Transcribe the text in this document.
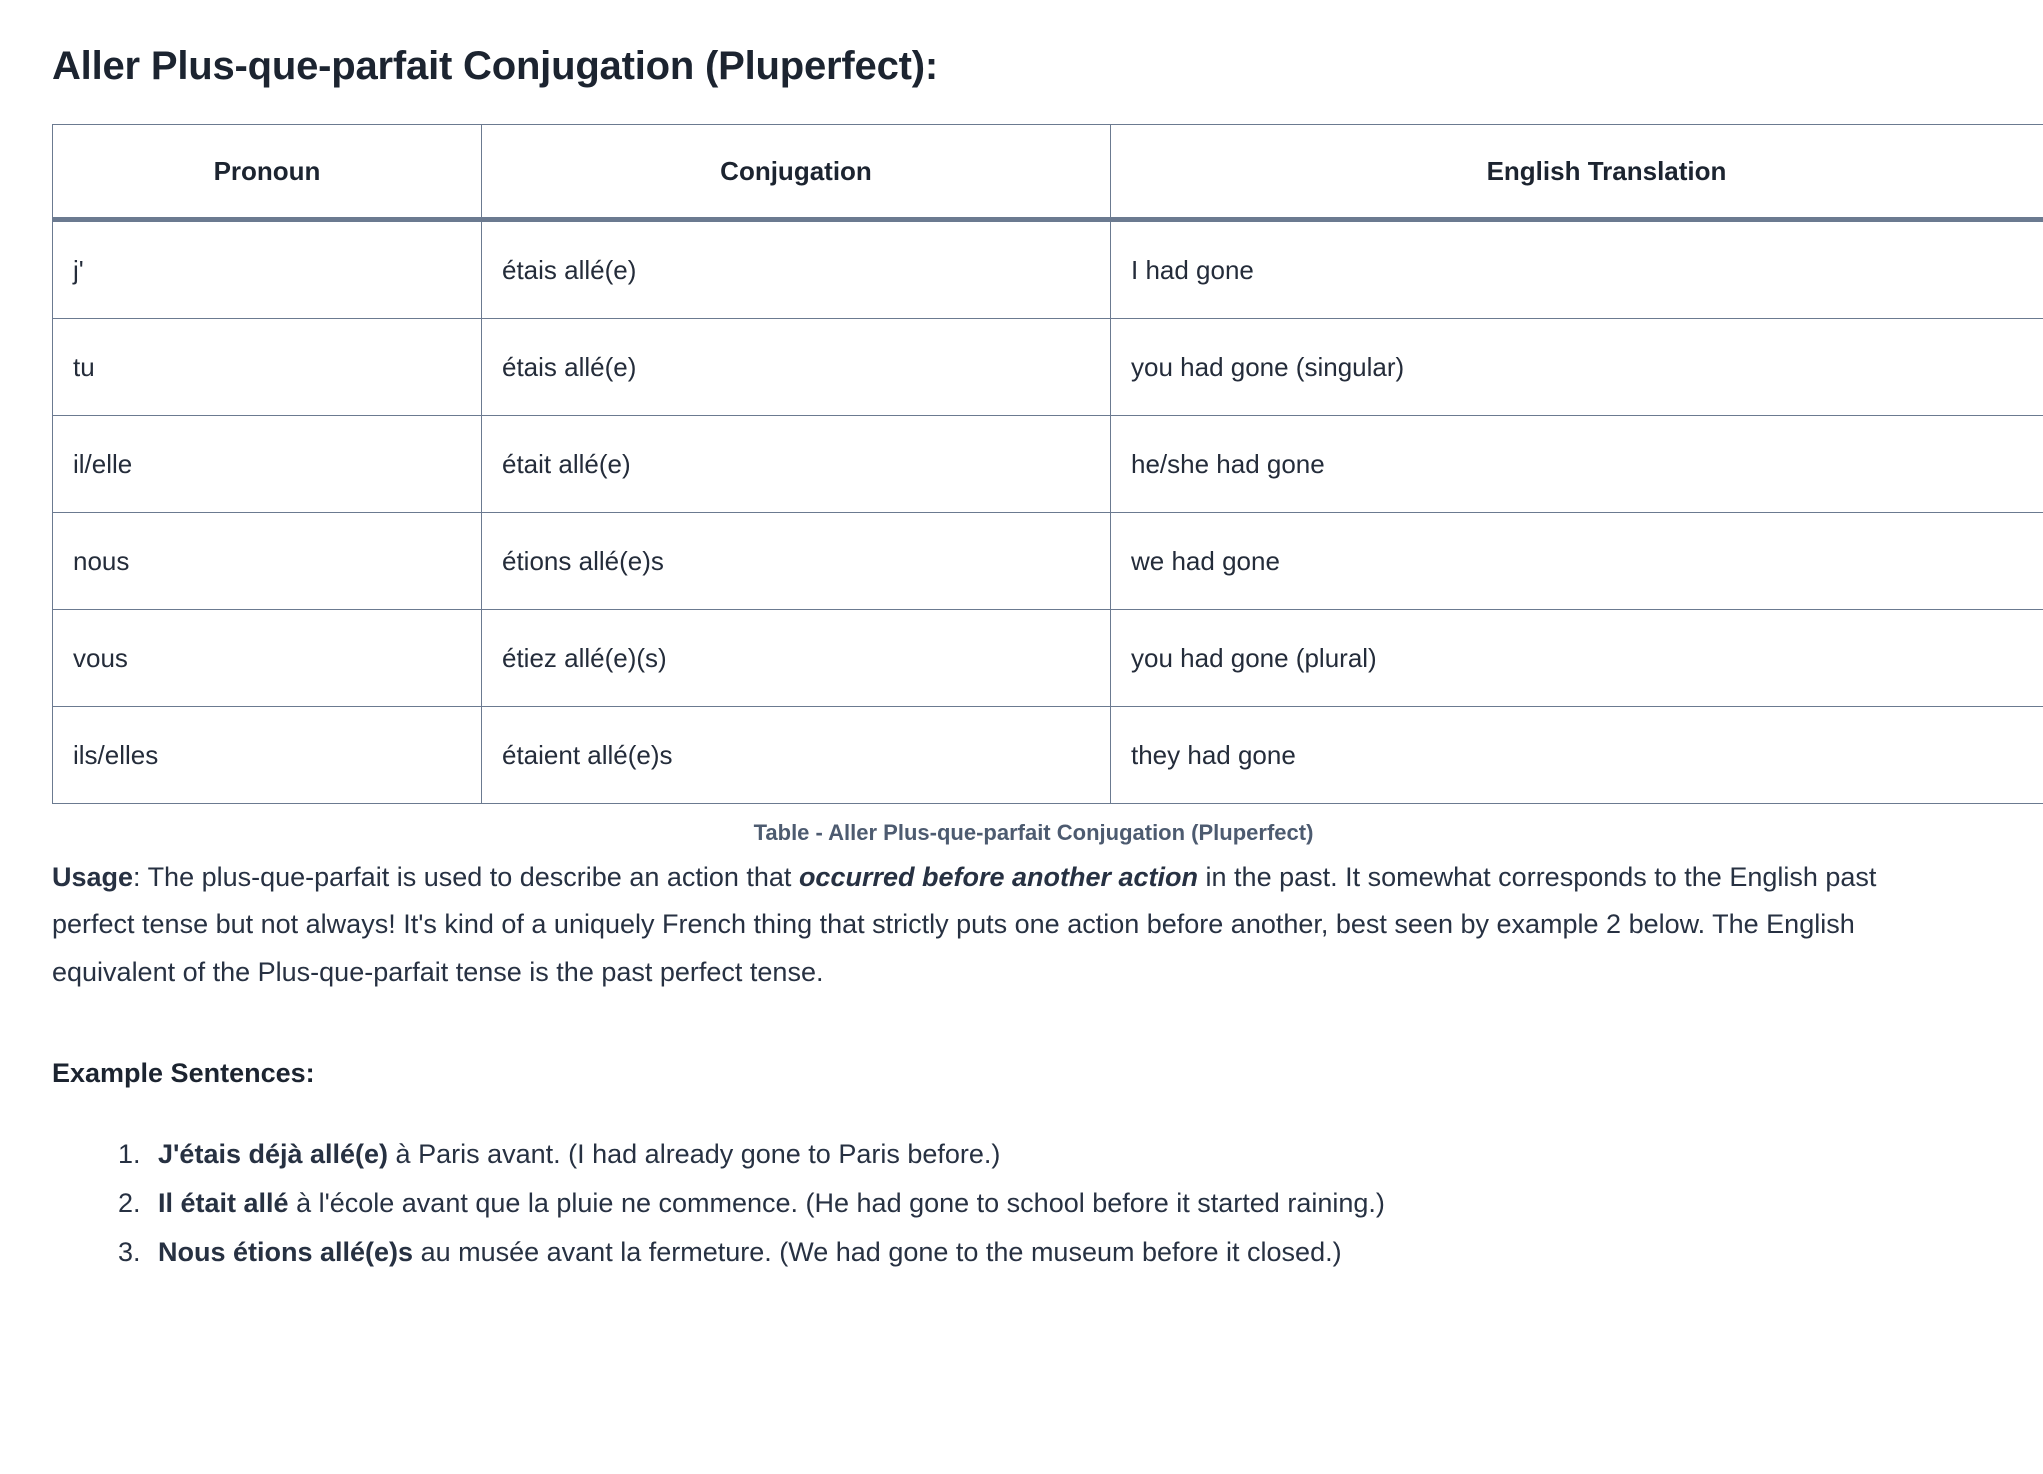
Aller Plus-que-parfait Conjugation (Pluperfect):
Pronoun	Conjugation	English Translation
j'	étais allé(e)	I had gone
tu	étais allé(e)	you had gone (singular)
il/elle	était allé(e)	he/she had gone
nous	étions allé(e)s	we had gone
vous	étiez allé(e)(s)	you had gone (plural)
ils/elles	étaient allé(e)s	they had gone
Table - Aller Plus-que-parfait Conjugation (Pluperfect)

Usage: The plus-que-parfait is used to describe an action that occurred before another action in the past. It somewhat corresponds to the English past perfect tense but not always! It's kind of a uniquely French thing that strictly puts one action before another, best seen by example 2 below. The English equivalent of the Plus-que-parfait tense is the past perfect tense.

Example Sentences:
1. J'étais déjà allé(e) à Paris avant. (I had already gone to Paris before.)
2. Il était allé à l'école avant que la pluie ne commence. (He had gone to school before it started raining.)
3. Nous étions allé(e)s au musée avant la fermeture. (We had gone to the museum before it closed.)
